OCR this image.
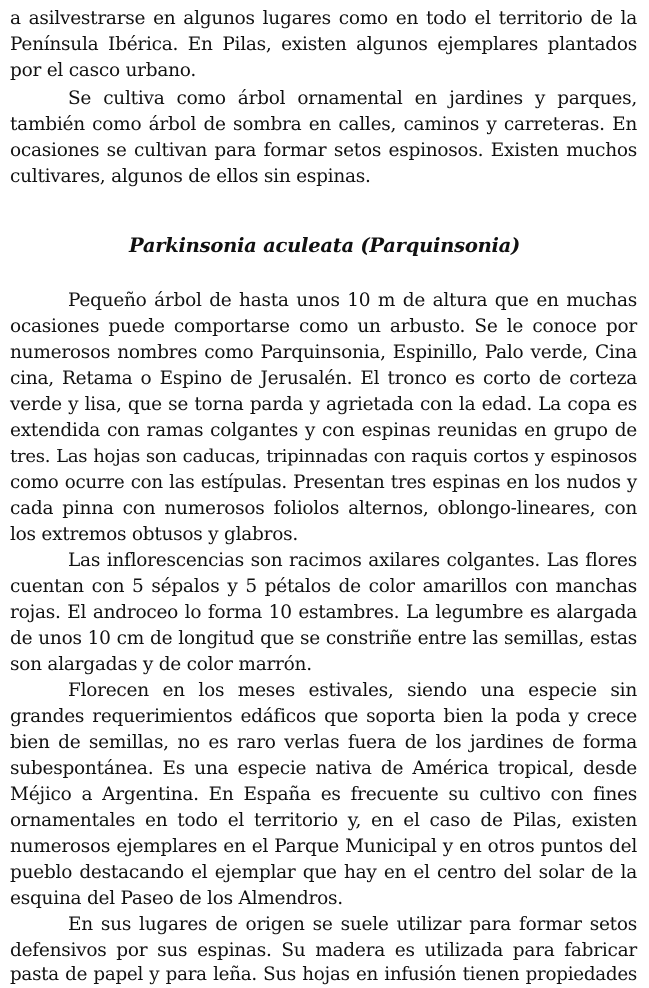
a asilvestrarse en algunos lugares como en todo el territorio de la
Península Ibérica. En Pilas, existen algunos ejemplares plantados
por el casco urbano.
Se cultiva como árbol ornamental en jardines y parques,
también como árbol de sombra en calles, caminos y carreteras. En
ocasiones se cultivan para formar setos espinosos. Existen muchos
cultivares, algunos de ellos sin espinas.
Parkinsonia aculeata (Parquinsonia)
Pequeño árbol de hasta unos 10 m de altura que en muchas
ocasiones puede comportarse como un arbusto. Se le conoce por
numerosos nombres como Parquinsonia, Espinillo, Palo verde, Cina
cina, Retama o Espino de Jerusalén. El tronco es corto de corteza
verde y lisa, que se torna parda y agrietada con la edad. La copa es
extendida con ramas colgantes y con espinas reunidas en grupo de
tres. Las hojas son caducas, tripinnadas con raquis cortos y espinosos
como ocurre con las estípulas. Presentan tres espinas en los nudos y
cada pinna con numerosos foliolos alternos, oblongo-lineares, con
los extremos obtusos y glabros.
Las inflorescencias son racimos axilares colgantes. Las flores
cuentan con 5 sépalos y 5 pétalos de color amarillos con manchas
rojas. El androceo lo forma 10 estambres. La legumbre es alargada
de unos 10 cm de longitud que se constriñe entre las semillas, estas
son alargadas y de color marrón.
Florecen en los meses estivales, siendo una especie sin
grandes requerimientos edáficos que soporta bien la poda y crece
bien de semillas, no es raro verlas fuera de los jardines de forma
subespontánea. Es una especie nativa de América tropical, desde
Méjico a Argentina. En España es frecuente su cultivo con fines
ornamentales en todo el territorio y, en el caso de Pilas, existen
numerosos ejemplares en el Parque Municipal y en otros puntos del
pueblo destacando el ejemplar que hay en el centro del solar de la
esquina del Paseo de los Almendros.
En sus lugares de origen se suele utilizar para formar setos
defensivos por sus espinas. Su madera es utilizada para fabricar
pasta de papel y para leña. Sus hojas en infusión tienen propiedades
